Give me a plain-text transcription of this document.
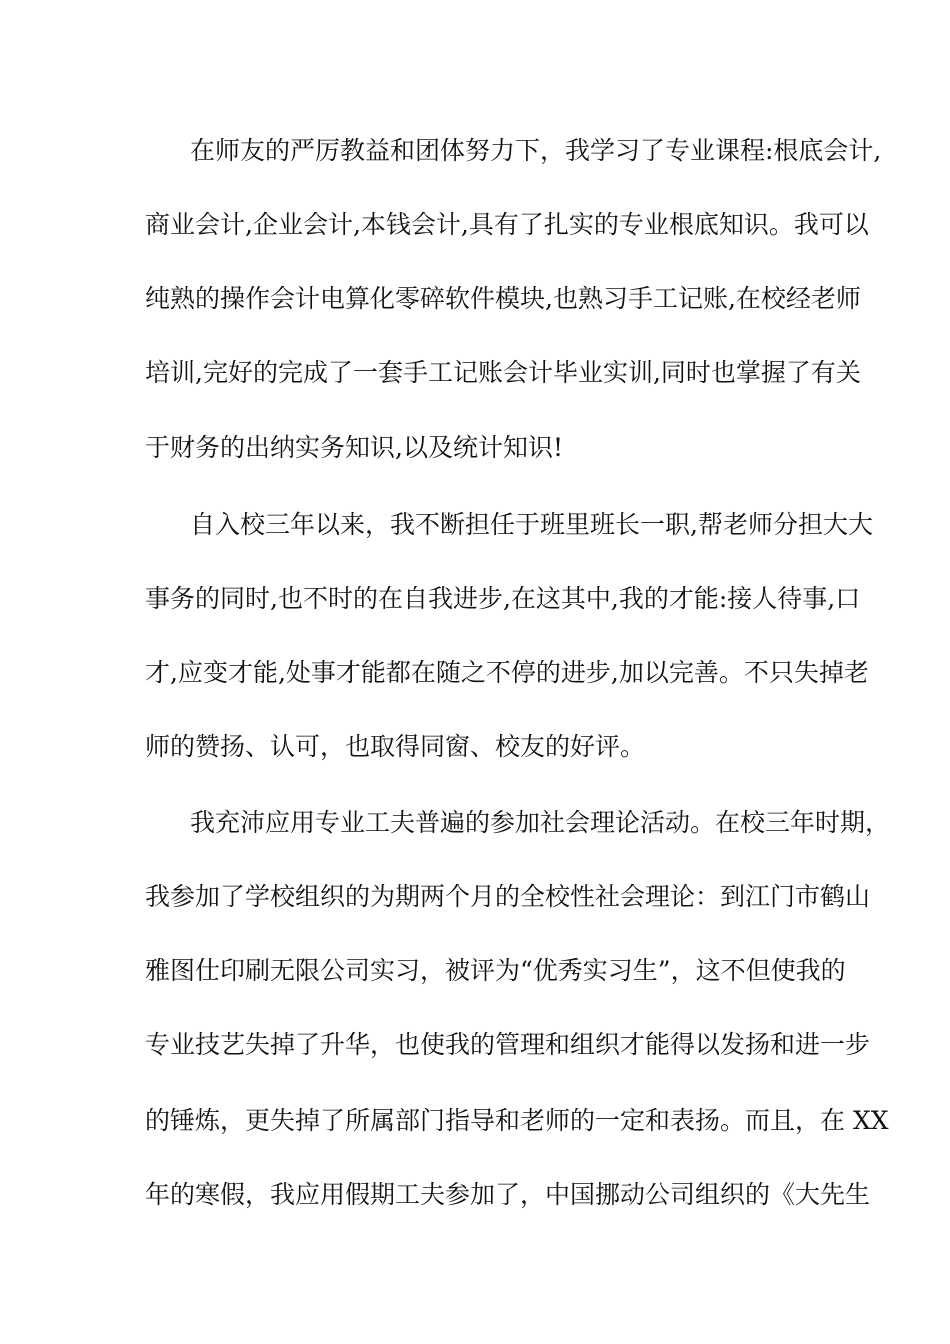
在师友的严厉教益和团体努力下，我学习了专业课程:根底会计,

商业会计,企业会计,本钱会计,具有了扎实的专业根底知识。我可以

纯熟的操作会计电算化零碎软件模块,也熟习手工记账,在校经老师

培训,完好的完成了一套手工记账会计毕业实训,同时也掌握了有关

于财务的出纳实务知识,以及统计知识!

自入校三年以来，我不断担任于班里班长一职,帮老师分担大大

事务的同时,也不时的在自我进步,在这其中,我的才能:接人待事,口

才,应变才能,处事才能都在随之不停的进步,加以完善。不只失掉老

师的赞扬、认可，也取得同窗、校友的好评。

我充沛应用专业工夫普遍的参加社会理论活动。在校三年时期，

我参加了学校组织的为期两个月的全校性社会理论：到江门市鹤山

雅图仕印刷无限公司实习，被评为“优秀实习生”，这不但使我的

专业技艺失掉了升华，也使我的管理和组织才能得以发扬和进一步

的锤炼，更失掉了所属部门指导和老师的一定和表扬。而且，在 XX

年的寒假，我应用假期工夫参加了，中国挪动公司组织的《大先生
